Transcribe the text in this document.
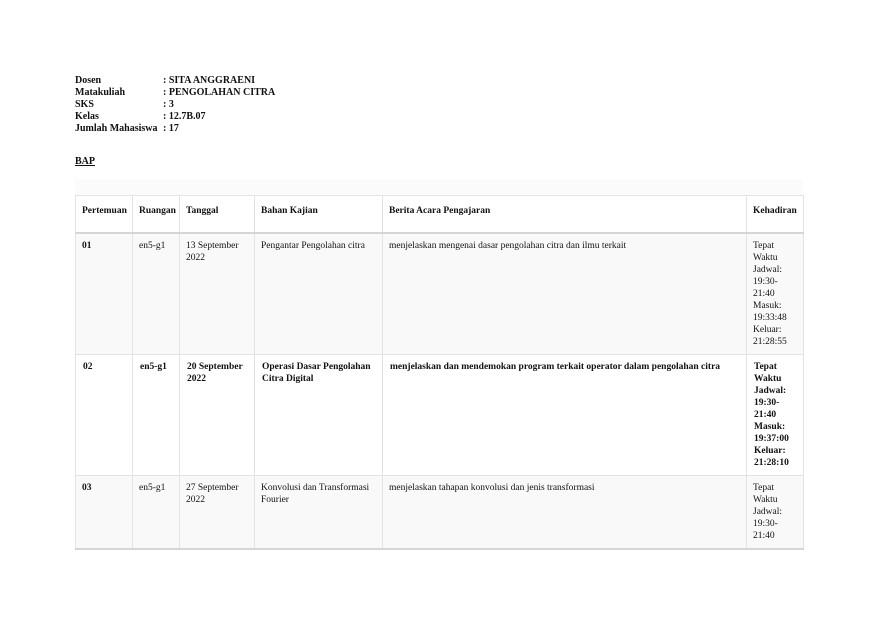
Dosen	: SITA ANGGRAENI
Matakuliah	: PENGOLAHAN CITRA
SKS	: 3
Kelas	: 12.7B.07
Jumlah Mahasiswa : 17
BAP
Pertemuan	Ruangan	Tanggal	Bahan Kajian	Berita Acara Pengajaran	Kehadiran
01	en5-g1	13 September 2022	Pengantar Pengolahan citra	menjelaskan mengenai dasar pengolahan citra dan ilmu terkait	Tepat Waktu
Jadwal: 19:30-21:40
Masuk: 19:33:48
Keluar: 21:28:55

02	en5-g1	20 September 2022	Operasi Dasar Pengolahan Citra Digital	menjelaskan dan mendemokan program terkait operator dalam pengolahan citra	Tepat Waktu
Jadwal: 19:30-21:40
Masuk: 19:37:00
Keluar: 21:28:10

03	en5-g1	27 September 2022	Konvolusi dan Transformasi Fourier	menjelaskan tahapan konvolusi dan jenis transformasi	Tepat Waktu
Jadwal: 19:30-21:40
